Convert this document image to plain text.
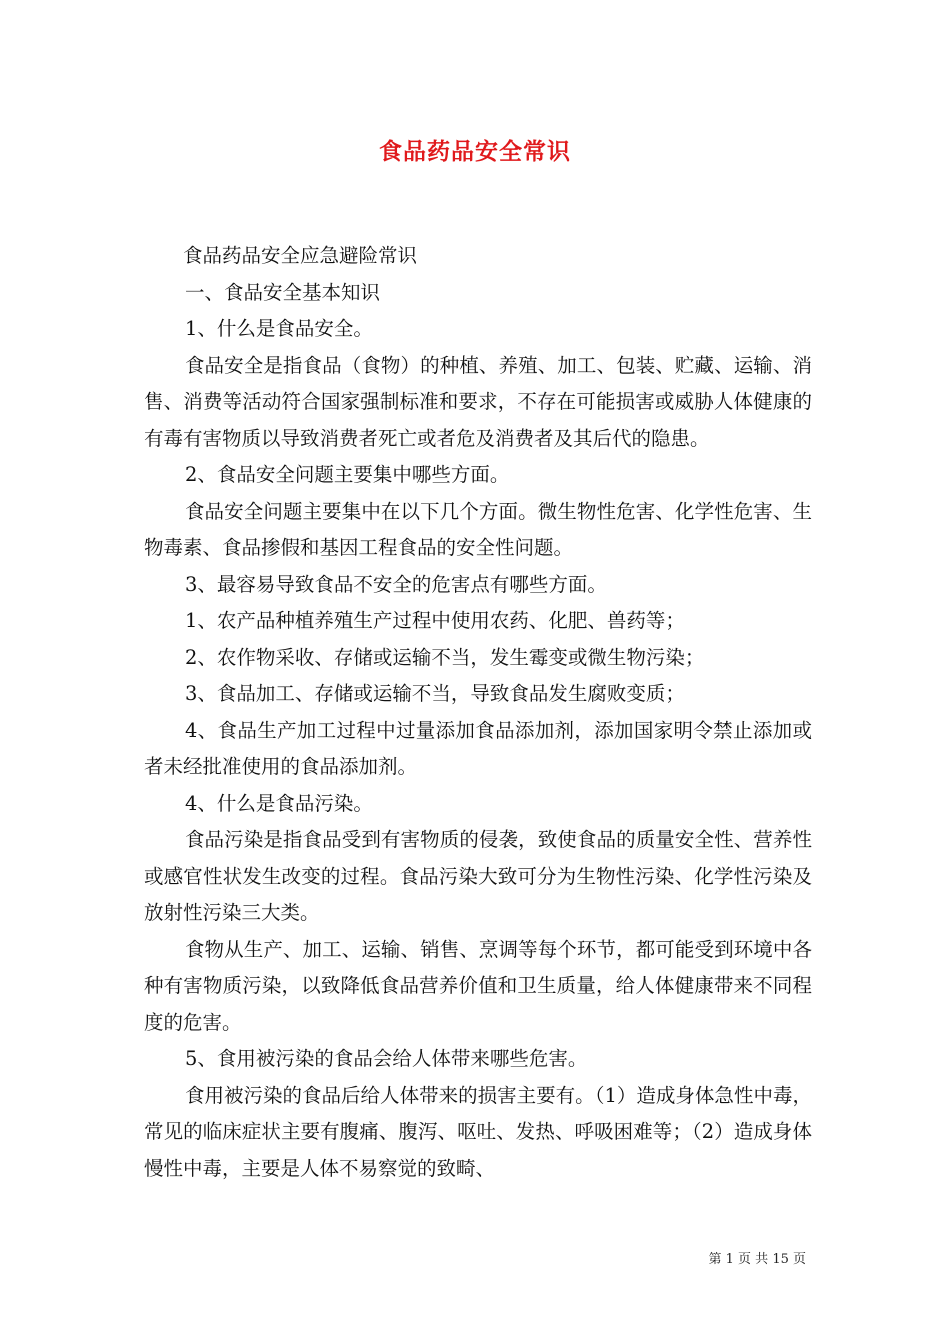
食品药品安全常识

食品药品安全应急避险常识

一、食品安全基本知识

1、什么是食品安全。

食品安全是指食品（食物）的种植、养殖、加工、包装、贮藏、运输、消售、消费等活动符合国家强制标准和要求，不存在可能损害或威胁人体健康的有毒有害物质以导致消费者死亡或者危及消费者及其后代的隐患。

2、食品安全问题主要集中哪些方面。

食品安全问题主要集中在以下几个方面。微生物性危害、化学性危害、生物毒素、食品掺假和基因工程食品的安全性问题。

3、最容易导致食品不安全的危害点有哪些方面。

1、农产品种植养殖生产过程中使用农药、化肥、兽药等；

2、农作物采收、存储或运输不当，发生霉变或微生物污染；

3、食品加工、存储或运输不当，导致食品发生腐败变质；

4、食品生产加工过程中过量添加食品添加剂，添加国家明令禁止添加或者未经批准使用的食品添加剂。

4、什么是食品污染。

食品污染是指食品受到有害物质的侵袭，致使食品的质量安全性、营养性或感官性状发生改变的过程。食品污染大致可分为生物性污染、化学性污染及放射性污染三大类。

食物从生产、加工、运输、销售、烹调等每个环节，都可能受到环境中各种有害物质污染，以致降低食品营养价值和卫生质量，给人体健康带来不同程度的危害。

5、食用被污染的食品会给人体带来哪些危害。

食用被污染的食品后给人体带来的损害主要有。（1）造成身体急性中毒，常见的临床症状主要有腹痛、腹泻、呕吐、发热、呼吸困难等；（2）造成身体慢性中毒，主要是人体不易察觉的致畸、

第 1 页 共 15 页
